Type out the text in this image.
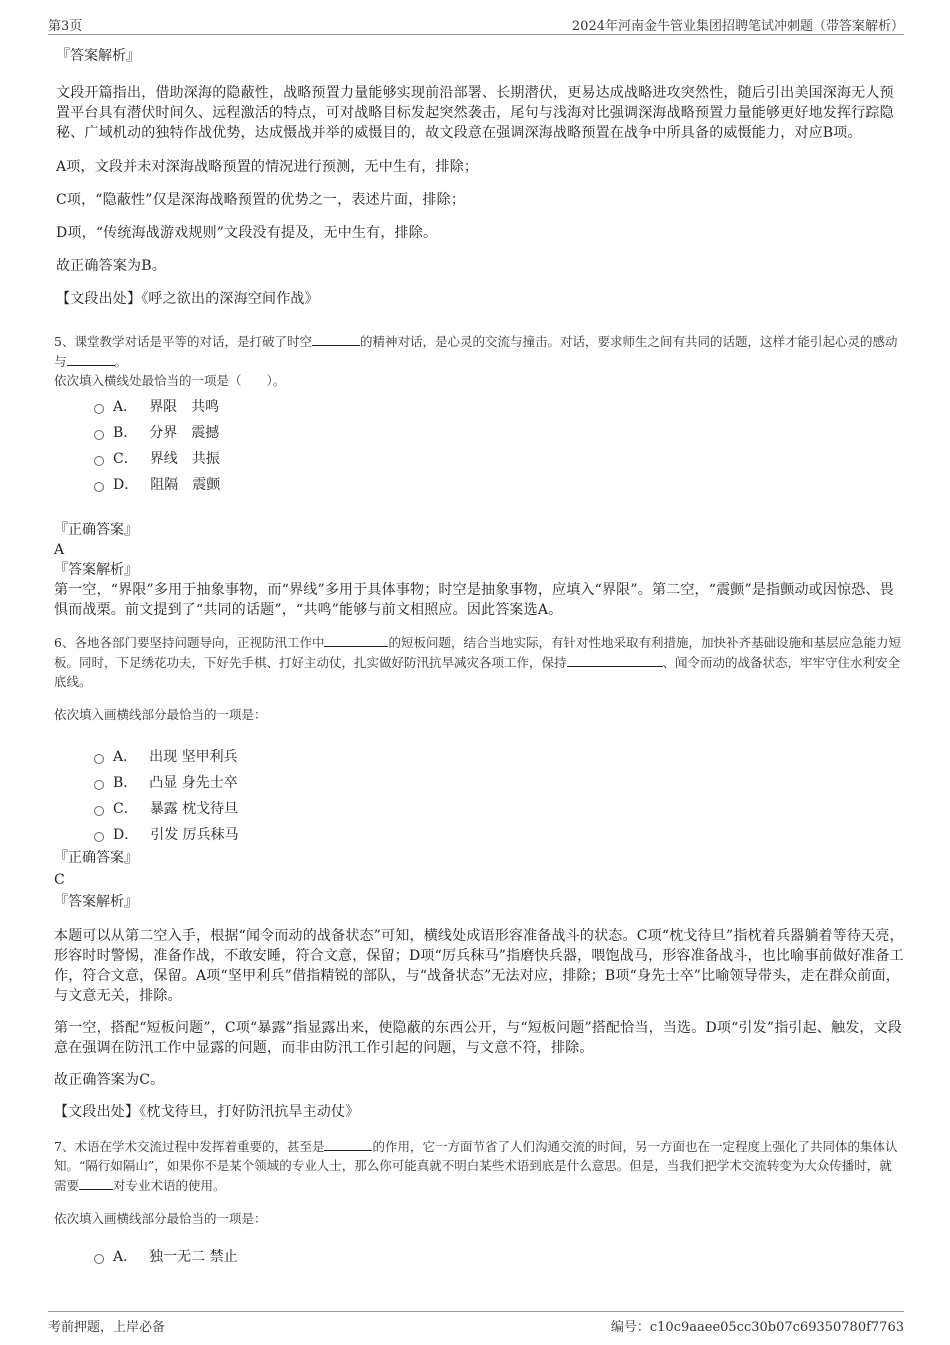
第3页	2024年河南金牛管业集团招聘笔试冲刺题（带答案解析）

『答案解析』

文段开篇指出，借助深海的隐蔽性，战略预置力量能够实现前沿部署、长期潜伏，更易达成战略进攻突然性，随后引出美国深海无人预置平台具有潜伏时间久、远程激活的特点，可对战略目标发起突然袭击，尾句与浅海对比强调深海战略预置力量能够更好地发挥行踪隐秘、广域机动的独特作战优势，达成慑战并举的威慑目的，故文段意在强调深海战略预置在战争中所具备的威慑能力，对应B项。

A项，文段并未对深海战略预置的情况进行预测，无中生有，排除；

C项，“隐蔽性”仅是深海战略预置的优势之一，表述片面，排除；

D项，“传统海战游戏规则”文段没有提及，无中生有，排除。

故正确答案为B。

【文段出处】《呼之欲出的深海空间作战》

5、课堂教学对话是平等的对话，是打破了时空	的精神对话，是心灵的交流与撞击。对话，要求师生之间有共同的话题，这样才能引起心灵的感动与	。

依次填入横线处最恰当的一项是（　　）。

A． 界限　共鸣
B． 分界　震撼
C． 界线　共振
D． 阻隔　震颤

『正确答案』

A

『答案解析』

第一空，“界限”多用于抽象事物，而“界线”多用于具体事物；时空是抽象事物，应填入“界限”。第二空，“震颤”是指颤动或因惊恐、畏惧而战栗。前文提到了“共同的话题”，“共鸣”能够与前文相照应。因此答案选A。

6、各地各部门要坚持问题导向，正视防汛工作中	的短板问题，结合当地实际，有针对性地采取有利措施，加快补齐基础设施和基层应急能力短板。同时，下足绣花功夫，下好先手棋、打好主动仗，扎实做好防汛抗旱减灾各项工作，保持	、闻令而动的战备状态，牢牢守住水利安全底线。

依次填入画横线部分最恰当的一项是：

A． 出现 坚甲利兵
B． 凸显 身先士卒
C． 暴露 枕戈待旦
D． 引发 厉兵秣马

『正确答案』

C

『答案解析』

本题可以从第二空入手，根据“闻令而动的战备状态”可知，横线处成语形容准备战斗的状态。C项“枕戈待旦”指枕着兵器躺着等待天亮，形容时时警惕，准备作战，不敢安睡，符合文意，保留；D项“厉兵秣马”指磨快兵器，喂饱战马，形容准备战斗，也比喻事前做好准备工作，符合文意，保留。A项“坚甲利兵”借指精锐的部队，与“战备状态”无法对应，排除；B项“身先士卒”比喻领导带头，走在群众前面，与文意无关，排除。

第一空，搭配“短板问题”，C项“暴露”指显露出来，使隐蔽的东西公开，与“短板问题”搭配恰当，当选。D项“引发”指引起、触发，文段意在强调在防汛工作中显露的问题，而非由防汛工作引起的问题，与文意不符，排除。

故正确答案为C。

【文段出处】《枕戈待旦，打好防汛抗旱主动仗》

7、术语在学术交流过程中发挥着重要的，甚至是	的作用，它一方面节省了人们沟通交流的时间，另一方面也在一定程度上强化了共同体的集体认知。“隔行如隔山”，如果你不是某个领域的专业人士，那么你可能真就不明白某些术语到底是什么意思。但是，当我们把学术交流转变为大众传播时，就需要	对专业术语的使用。

依次填入画横线部分最恰当的一项是：

A． 独一无二 禁止
考前押题，上岸必备	编号：c10c9aaee05cc30b07c69350780f7763
